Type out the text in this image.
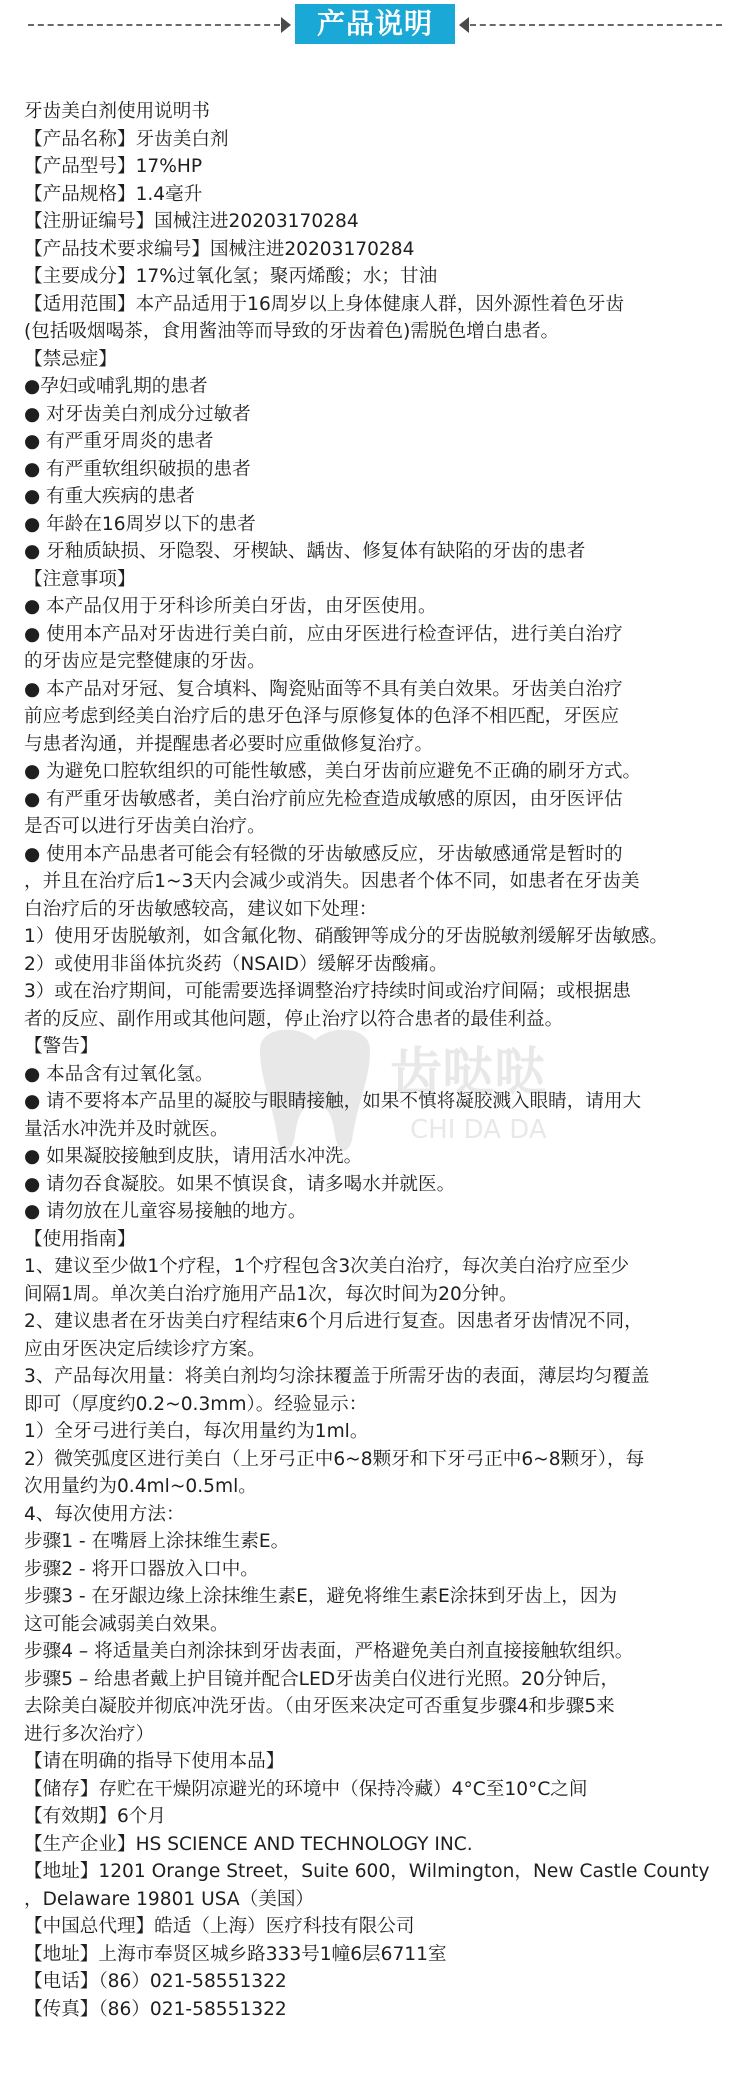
产品说明
齿哒哒
CHI DA DA

牙齿美白剂使用说明书

【产品名称】牙齿美白剂

【产品型号】17%HP

【产品规格】1.4毫升

【注册证编号】国械注进20203170284

【产品技术要求编号】国械注进20203170284

【主要成分】17%过氧化氢；聚丙烯酸；水；甘油

【适用范围】本产品适用于16周岁以上身体健康人群，因外源性着色牙齿

(包括吸烟喝茶，食用酱油等而导致的牙齿着色)需脱色增白患者。

【禁忌症】

●孕妇或哺乳期的患者

● 对牙齿美白剂成分过敏者

● 有严重牙周炎的患者

● 有严重软组织破损的患者

● 有重大疾病的患者

● 年龄在16周岁以下的患者

● 牙釉质缺损、牙隐裂、牙楔缺、龋齿、修复体有缺陷的牙齿的患者

【注意事项】

● 本产品仅用于牙科诊所美白牙齿，由牙医使用。

● 使用本产品对牙齿进行美白前，应由牙医进行检查评估，进行美白治疗

的牙齿应是完整健康的牙齿。

● 本产品对牙冠、复合填料、陶瓷贴面等不具有美白效果。牙齿美白治疗

前应考虑到经美白治疗后的患牙色泽与原修复体的色泽不相匹配，牙医应

与患者沟通，并提醒患者必要时应重做修复治疗。

● 为避免口腔软组织的可能性敏感，美白牙齿前应避免不正确的刷牙方式。

● 有严重牙齿敏感者，美白治疗前应先检查造成敏感的原因，由牙医评估

是否可以进行牙齿美白治疗。

● 使用本产品患者可能会有轻微的牙齿敏感反应，牙齿敏感通常是暂时的

，并且在治疗后1~3天内会减少或消失。因患者个体不同，如患者在牙齿美

白治疗后的牙齿敏感较高，建议如下处理：

1）使用牙齿脱敏剂，如含氟化物、硝酸钾等成分的牙齿脱敏剂缓解牙齿敏感。

2）或使用非甾体抗炎药（NSAID）缓解牙齿酸痛。

3）或在治疗期间，可能需要选择调整治疗持续时间或治疗间隔；或根据患

者的反应、副作用或其他问题，停止治疗以符合患者的最佳利益。

【警告】

● 本品含有过氧化氢。

● 请不要将本产品里的凝胶与眼睛接触，如果不慎将凝胶溅入眼睛，请用大

量活水冲洗并及时就医。

● 如果凝胶接触到皮肤，请用活水冲洗。

● 请勿吞食凝胶。如果不慎误食，请多喝水并就医。

● 请勿放在儿童容易接触的地方。

【使用指南】

1、建议至少做1个疗程，1个疗程包含3次美白治疗，每次美白治疗应至少

间隔1周。单次美白治疗施用产品1次，每次时间为20分钟。

2、建议患者在牙齿美白疗程结束6个月后进行复查。因患者牙齿情况不同，

应由牙医决定后续诊疗方案。

3、产品每次用量：将美白剂均匀涂抹覆盖于所需牙齿的表面，薄层均匀覆盖

即可（厚度约0.2~0.3mm）。经验显示：

1）全牙弓进行美白，每次用量约为1ml。

2）微笑弧度区进行美白（上牙弓正中6~8颗牙和下牙弓正中6~8颗牙），每

次用量约为0.4ml~0.5ml。

4、每次使用方法：

步骤1 - 在嘴唇上涂抹维生素E。

步骤2 - 将开口器放入口中。

步骤3 - 在牙龈边缘上涂抹维生素E，避免将维生素E涂抹到牙齿上，因为

这可能会减弱美白效果。

步骤4 – 将适量美白剂涂抹到牙齿表面，严格避免美白剂直接接触软组织。

步骤5 – 给患者戴上护目镜并配合LED牙齿美白仪进行光照。20分钟后，

去除美白凝胶并彻底冲洗牙齿。（由牙医来决定可否重复步骤4和步骤5来

进行多次治疗）

【请在明确的指导下使用本品】

【储存】存贮在干燥阴凉避光的环境中（保持冷藏）4°C至10°C之间

【有效期】6个月

【生产企业】HS SCIENCE AND TECHNOLOGY INC.

【地址】1201 Orange Street，Suite 600，Wilmington，New Castle County

，Delaware 19801 USA（美国）

【中国总代理】皓适（上海）医疗科技有限公司

【地址】上海市奉贤区城乡路333号1幢6层6711室

【电话】（86）021-58551322

【传真】（86）021-58551322
